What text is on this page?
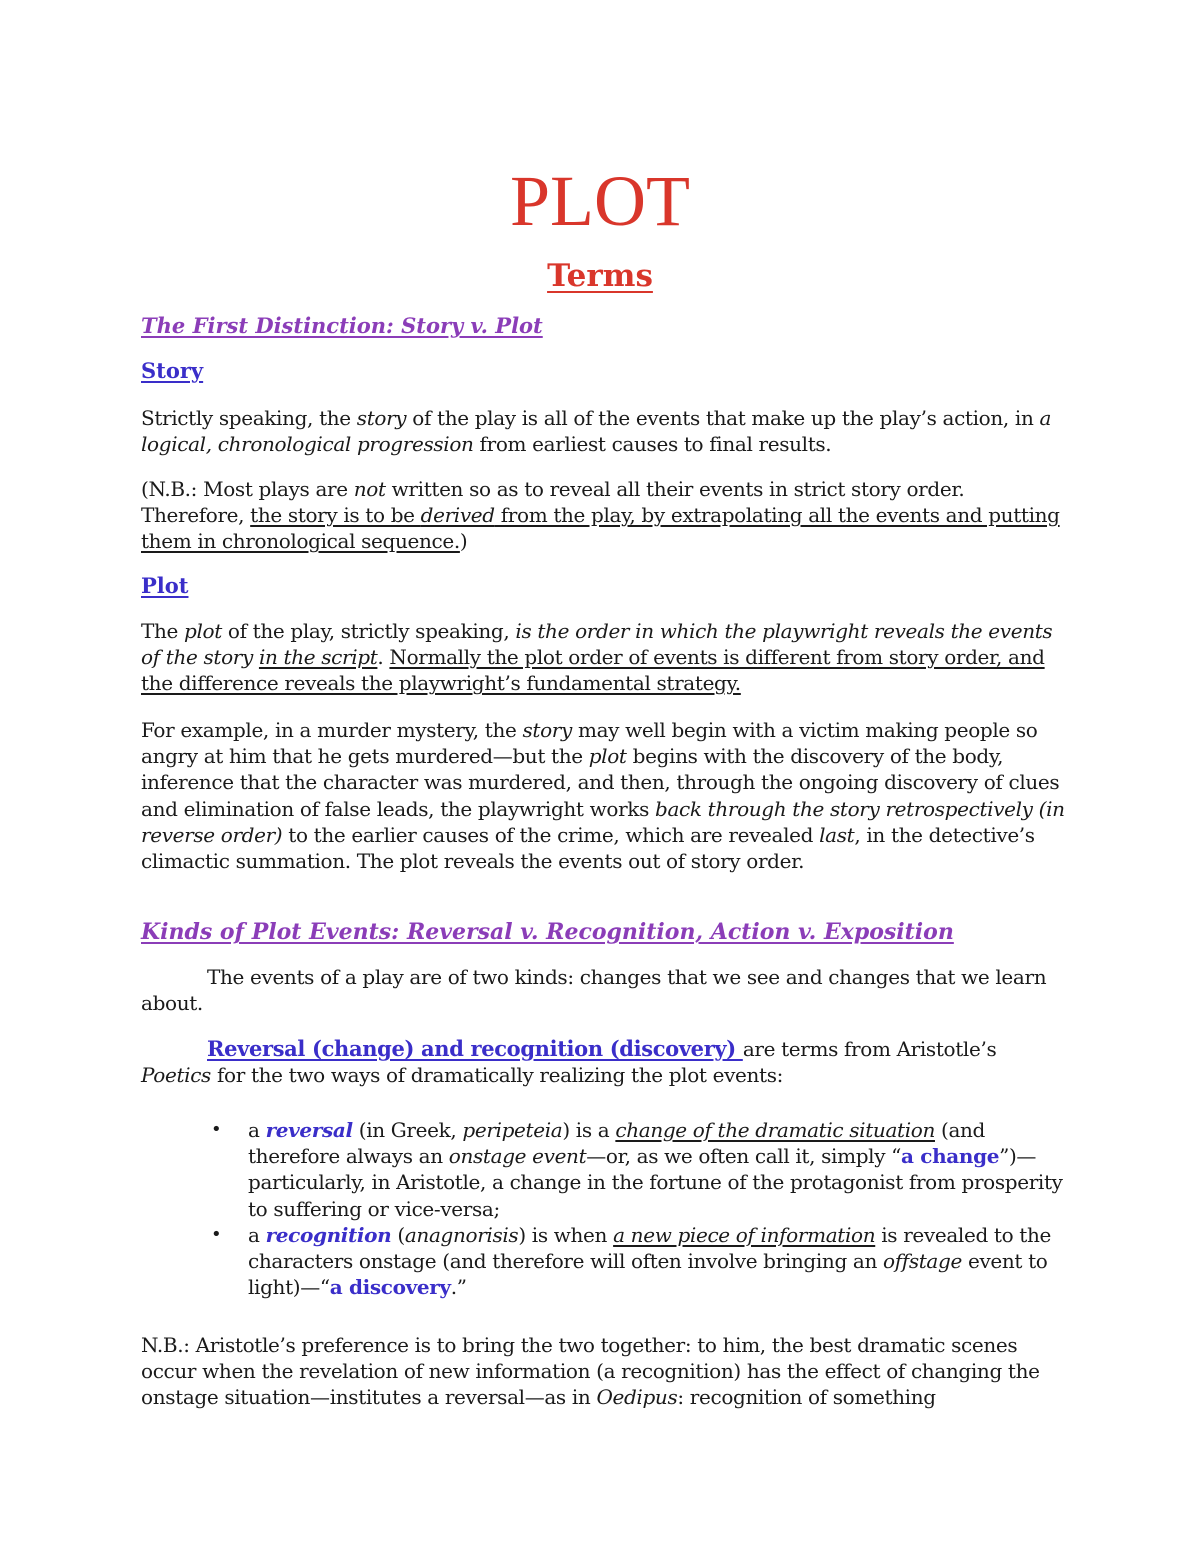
PLOT
Terms
The First Distinction: Story v. Plot
Story

Strictly speaking, the story of the play is all of the events that make up the play’s action, in a logical, chronological progression from earliest causes to final results.

(N.B.: Most plays are not written so as to reveal all their events in strict story order. Therefore, the story is to be derived from the play, by extrapolating all the events and putting them in chronological sequence.)

Plot

The plot of the play, strictly speaking, is the order in which the playwright reveals the events of the story in the script. Normally the plot order of events is different from story order, and the difference reveals the playwright’s fundamental strategy.

For example, in a murder mystery, the story may well begin with a victim making people so angry at him that he gets murdered—but the plot begins with the discovery of the body, inference that the character was murdered, and then, through the ongoing discovery of clues and elimination of false leads, the playwright works back through the story retrospectively (in reverse order) to the earlier causes of the crime, which are revealed last, in the detective’s climactic summation. The plot reveals the events out of story order.

Kinds of Plot Events: Reversal v. Recognition, Action v. Exposition

The events of a play are of two kinds: changes that we see and changes that we learn about.

Reversal (change) and recognition (discovery) are terms from Aristotle’s Poetics for the two ways of dramatically realizing the plot events:

• a reversal (in Greek, peripeteia) is a change of the dramatic situation (and therefore always an onstage event—or, as we often call it, simply “a change”)—particularly, in Aristotle, a change in the fortune of the protagonist from prosperity to suffering or vice-versa;
• a recognition (anagnorisis) is when a new piece of information is revealed to the characters onstage (and therefore will often involve bringing an offstage event to light)—“a discovery.”

N.B.: Aristotle’s preference is to bring the two together: to him, the best dramatic scenes occur when the revelation of new information (a recognition) has the effect of changing the onstage situation—institutes a reversal—as in Oedipus: recognition of something
